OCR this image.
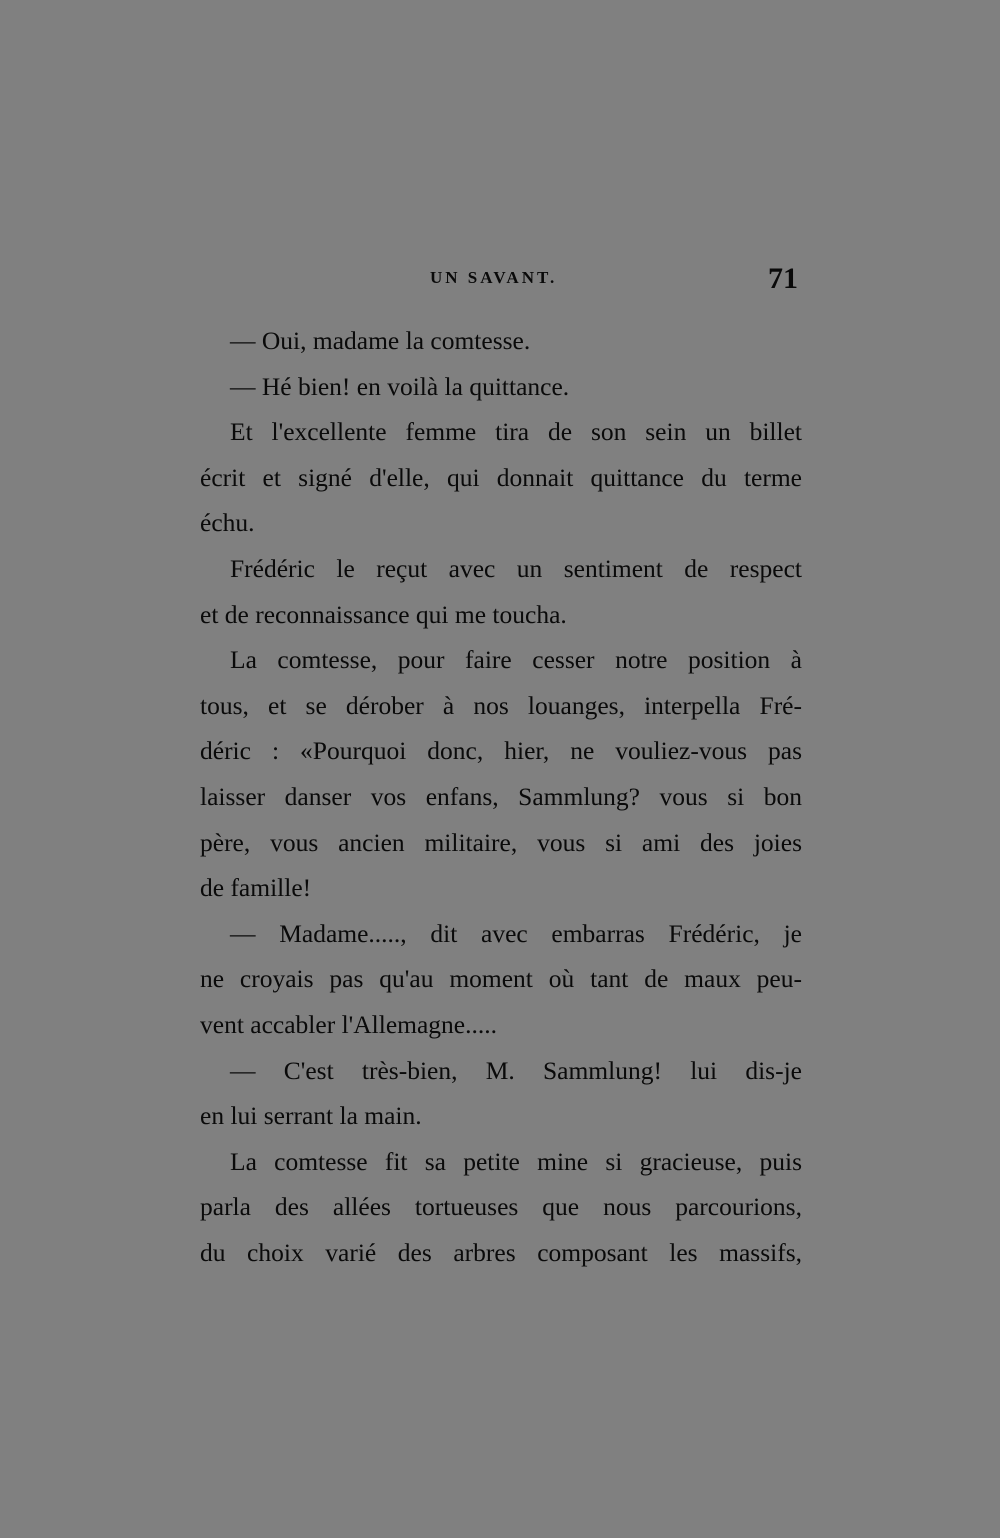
UN SAVANT.	71
— Oui, madame la comtesse.
— Hé bien! en voilà la quittance.
Et l'excellente femme tira de son sein un billet
écrit et signé d'elle, qui donnait quittance du terme
échu.
Frédéric le reçut avec un sentiment de respect
et de reconnaissance qui me toucha.
La comtesse, pour faire cesser notre position à
tous, et se dérober à nos louanges, interpella Fré-
déric : «Pourquoi donc, hier, ne vouliez-vous pas
laisser danser vos enfans, Sammlung? vous si bon
père, vous ancien militaire, vous si ami des joies
de famille!
— Madame....., dit avec embarras Frédéric, je
ne croyais pas qu'au moment où tant de maux peu-
vent accabler l'Allemagne.....
— C'est très-bien, M. Sammlung! lui dis-je
en lui serrant la main.
La comtesse fit sa petite mine si gracieuse, puis
parla des allées tortueuses que nous parcourions,
du choix varié des arbres composant les massifs,
